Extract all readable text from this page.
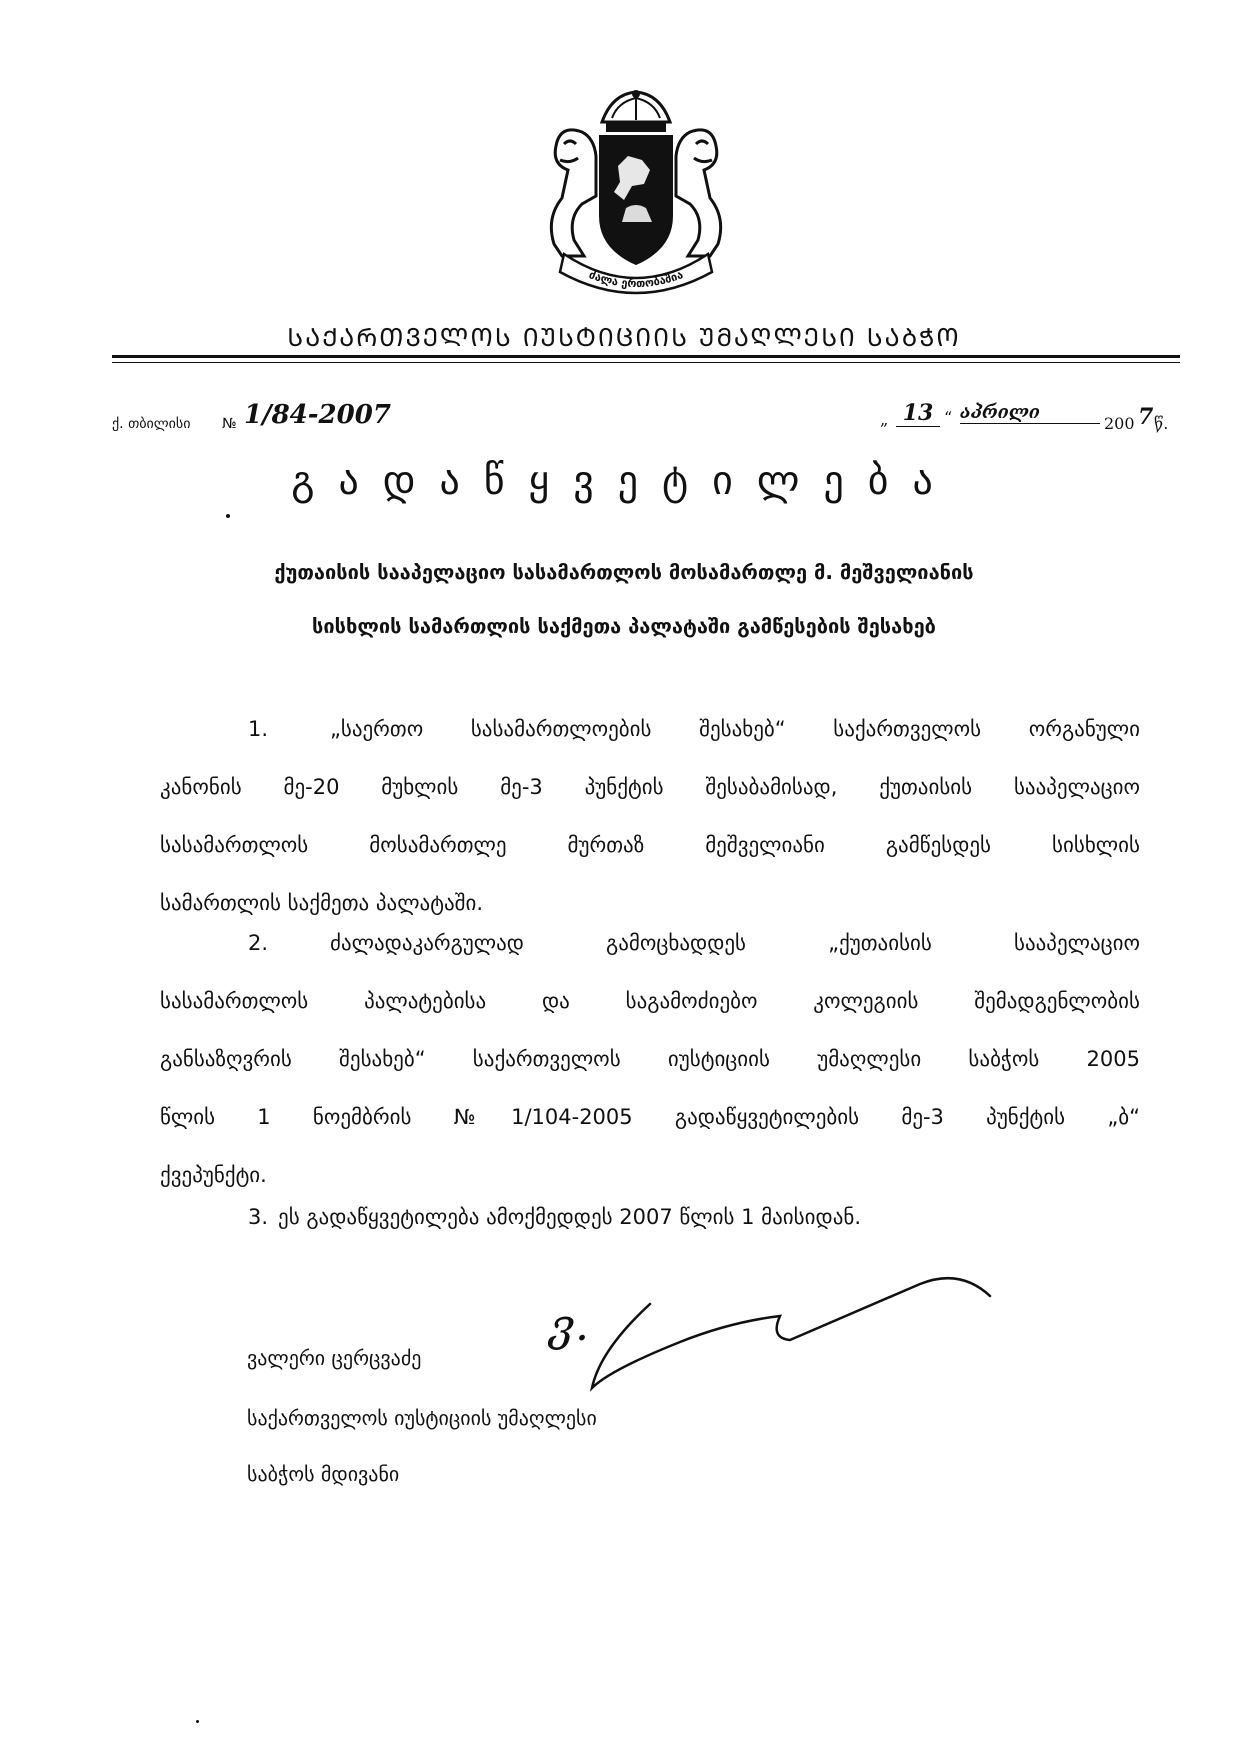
ძალა ერთობაშია
ᲡᲐᲥᲐᲠᲗᲕᲔᲚᲝᲡ ᲘᲣᲡᲢᲘᲪᲘᲘᲡ ᲣᲛᲐᲦᲚᲔᲡᲘ ᲡᲐᲑᲭᲝ
ქ. თბილისი № 1/84-2007	„ 13 “ აპრილი
200 7 წ.
გადაწყვეტილება
ქუთაისის სააპელაციო სასამართლოს მოსამართლე მ. მეშველიანის
სისხლის სამართლის საქმეთა პალატაში გამწესების შესახებ
1.	„საერთო სასამართლოების შესახებ“ საქართველოს ორგანული
კანონის მე-20 მუხლის მე-3 პუნქტის შესაბამისად, ქუთაისის სააპელაციო
სასამართლოს მოსამართლე მურთაზ მეშველიანი გამწესდეს სისხლის
სამართლის საქმეთა პალატაში.
2.	ძალადაკარგულად გამოცხადდეს „ქუთაისის სააპელაციო
სასამართლოს პალატებისა და საგამოძიებო კოლეგიის შემადგენლობის
განსაზღვრის შესახებ“ საქართველოს იუსტიციის უმაღლესი საბჭოს 2005
წლის 1 ნოემბრის №1/104-2005 გადაწყვეტილების მე-3 პუნქტის „ბ“
ქვეპუნქტი.
3. ეს გადაწყვეტილება ამოქმედდეს 2007 წლის 1 მაისიდან.
ვ.
ვალერი ცერცვაძე
საქართველოს იუსტიციის უმაღლესი
საბჭოს მდივანი
